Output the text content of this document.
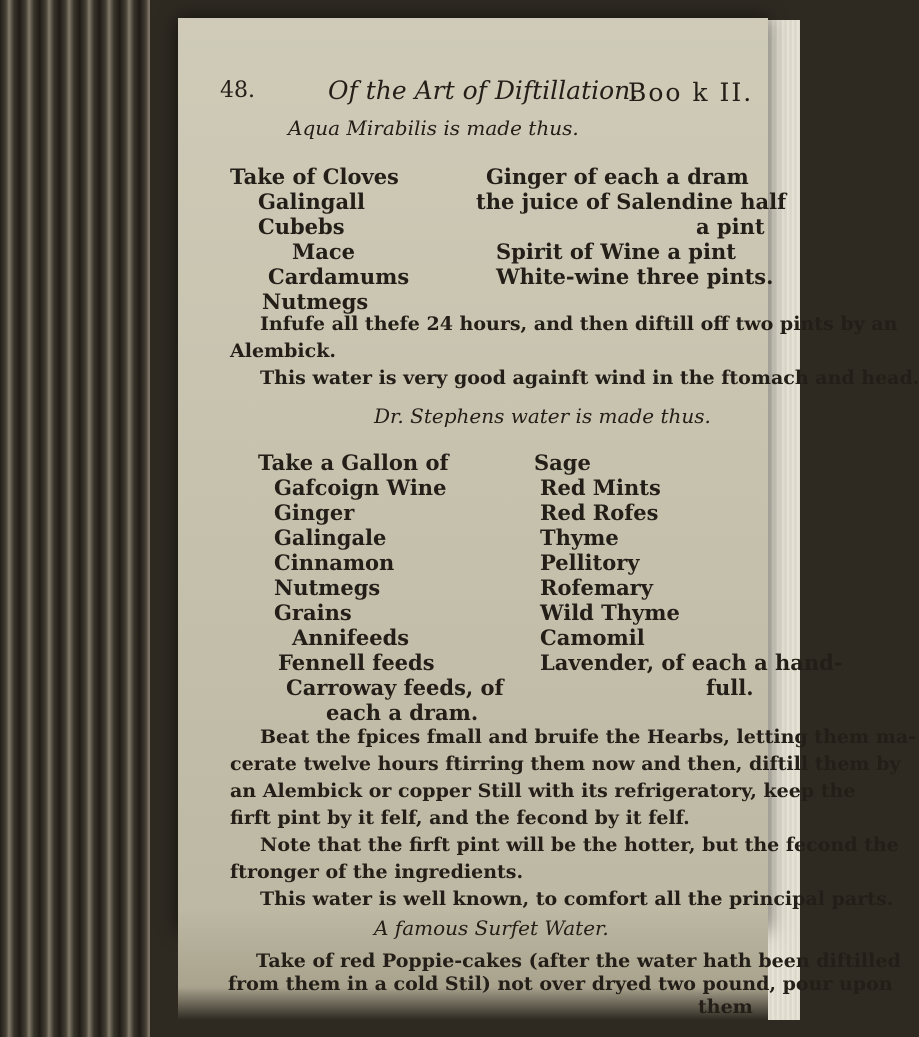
48.	Of the Art of Diftillation.
Boo k II.
Aqua Mirabilis is made thus.
Take of Cloves
Galingall
Cubebs
Mace
Cardamums
Nutmegs
Ginger of each a dram
the juice of Salendine half
a pint
Spirit of Wine a pint
White-wine three pints.
Infufe all thefe 24 hours, and then diftill off two pints by an
Alembick.
This water is very good againft wind in the ftomach and head.
Dr. Stephens water is made thus.
Take a Gallon of
Gafcoign Wine
Ginger
Galingale
Cinnamon
Nutmegs
Grains
Annifeeds
Fennell feeds
Carroway feeds, of
each a dram.
Sage
Red Mints
Red Rofes
Thyme
Pellitory
Rofemary
Wild Thyme
Camomil
Lavender, of each a hand-
full.
Beat the fpices fmall and bruife the Hearbs, letting them ma-
cerate twelve hours ftirring them now and then, diftill them by
an Alembick or copper Still with its refrigeratory, keep the
firft pint by it felf, and the fecond by it felf.
Note that the firft pint will be the hotter, but the fecond the
ftronger of the ingredients.
This water is well known, to comfort all the principal parts.
A famous Surfet Water.
Take of red Poppie-cakes (after the water hath been diftilled
from them in a cold Stil) not over dryed two pound, pour upon
them
